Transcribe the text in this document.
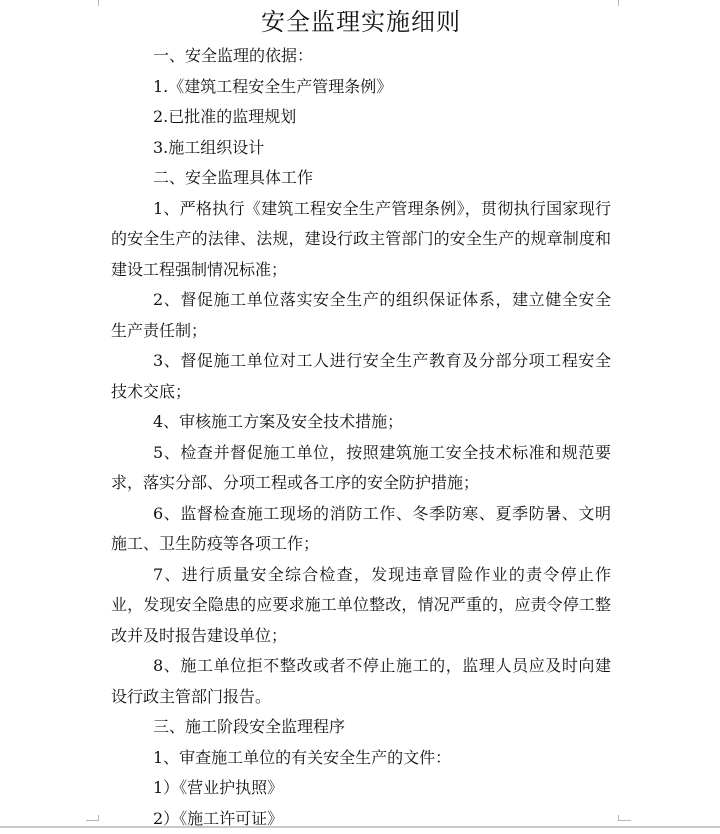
安全监理实施细则

一、安全监理的依据：

1.《建筑工程安全生产管理条例》

2.已批准的监理规划

3.施工组织设计

二、安全监理具体工作

1、严格执行《建筑工程安全生产管理条例》，贯彻执行国家现行的安全生产的法律、法规，建设行政主管部门的安全生产的规章制度和建设工程强制情况标准；

2、督促施工单位落实安全生产的组织保证体系，建立健全安全生产责任制；

3、督促施工单位对工人进行安全生产教育及分部分项工程安全技术交底；

4、审核施工方案及安全技术措施；

5、检查并督促施工单位，按照建筑施工安全技术标准和规范要求，落实分部、分项工程或各工序的安全防护措施；

6、监督检查施工现场的消防工作、冬季防寒、夏季防暑、文明施工、卫生防疫等各项工作；

7、进行质量安全综合检查，发现违章冒险作业的责令停止作业，发现安全隐患的应要求施工单位整改，情况严重的，应责令停工整改并及时报告建设单位；

8、施工单位拒不整改或者不停止施工的，监理人员应及时向建设行政主管部门报告。

三、施工阶段安全监理程序

1、审查施工单位的有关安全生产的文件：

1）《营业护执照》

2）《施工许可证》
